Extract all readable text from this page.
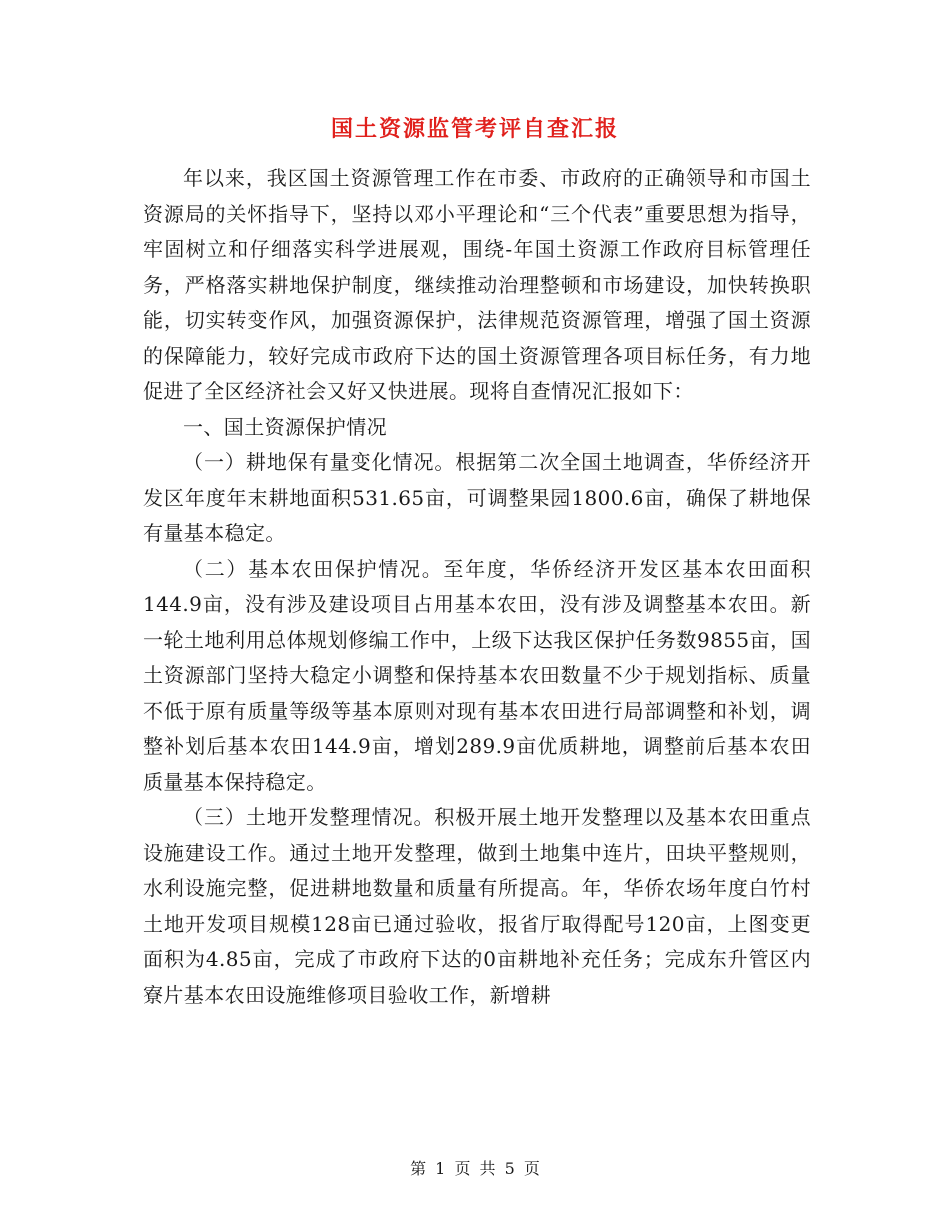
国土资源监管考评自查汇报

年以来，我区国土资源管理工作在市委、市政府的正确领导和市国土资源局的关怀指导下，坚持以邓小平理论和“三个代表”重要思想为指导，牢固树立和仔细落实科学进展观，围绕-年国土资源工作政府目标管理任务，严格落实耕地保护制度，继续推动治理整顿和市场建设，加快转换职能，切实转变作风，加强资源保护，法律规范资源管理，增强了国土资源的保障能力，较好完成市政府下达的国土资源管理各项目标任务，有力地促进了全区经济社会又好又快进展。现将自查情况汇报如下：

一、国土资源保护情况

（一）耕地保有量变化情况。根据第二次全国土地调查，华侨经济开发区年度年末耕地面积531.65亩，可调整果园1800.6亩，确保了耕地保有量基本稳定。

（二）基本农田保护情况。至年度，华侨经济开发区基本农田面积144.9亩，没有涉及建设项目占用基本农田，没有涉及调整基本农田。新一轮土地利用总体规划修编工作中，上级下达我区保护任务数9855亩，国土资源部门坚持大稳定小调整和保持基本农田数量不少于规划指标、质量不低于原有质量等级等基本原则对现有基本农田进行局部调整和补划，调整补划后基本农田144.9亩，增划289.9亩优质耕地，调整前后基本农田质量基本保持稳定。

（三）土地开发整理情况。积极开展土地开发整理以及基本农田重点设施建设工作。通过土地开发整理，做到土地集中连片，田块平整规则，水利设施完整，促进耕地数量和质量有所提高。年，华侨农场年度白竹村土地开发项目规模128亩已通过验收，报省厅取得配号120亩，上图变更面积为4.85亩，完成了市政府下达的0亩耕地补充任务；完成东升管区内寮片基本农田设施维修项目验收工作，新增耕

第 1 页 共 5 页
